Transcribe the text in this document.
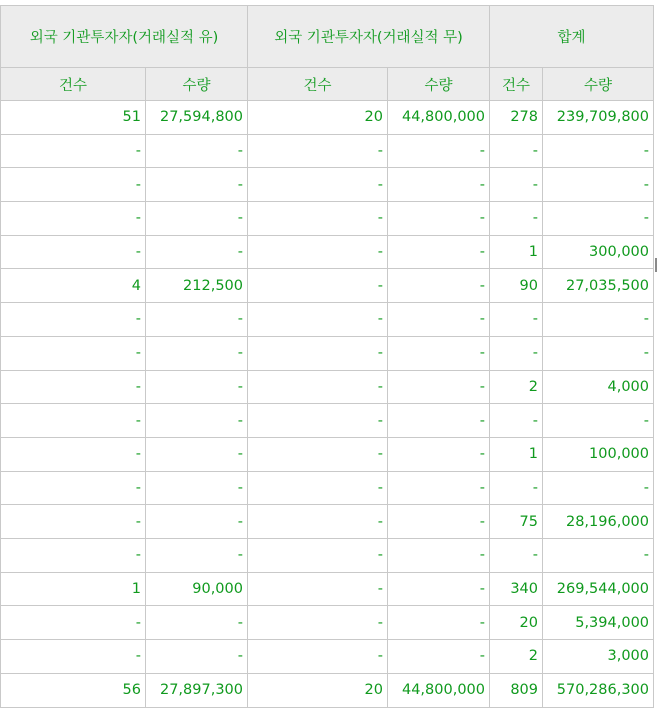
외국 기관투자자(거래실적 유)		외국 기관투자자(거래실적 무)		합계	
건수	수량	건수	수량	건수	수량
51	27,594,800	20	44,800,000	278	239,709,800
-	-	-	-	-	-
-	-	-	-	-	-
-	-	-	-	-	-
-	-	-	-	1	300,000
4	212,500	-	-	90	27,035,500
-	-	-	-	-	-
-	-	-	-	-	-
-	-	-	-	2	4,000
-	-	-	-	-	-
-	-	-	-	1	100,000
-	-	-	-	-	-
-	-	-	-	75	28,196,000
-	-	-	-	-	-
1	90,000	-	-	340	269,544,000
-	-	-	-	20	5,394,000
-	-	-	-	2	3,000
56	27,897,300	20	44,800,000	809	570,286,300
